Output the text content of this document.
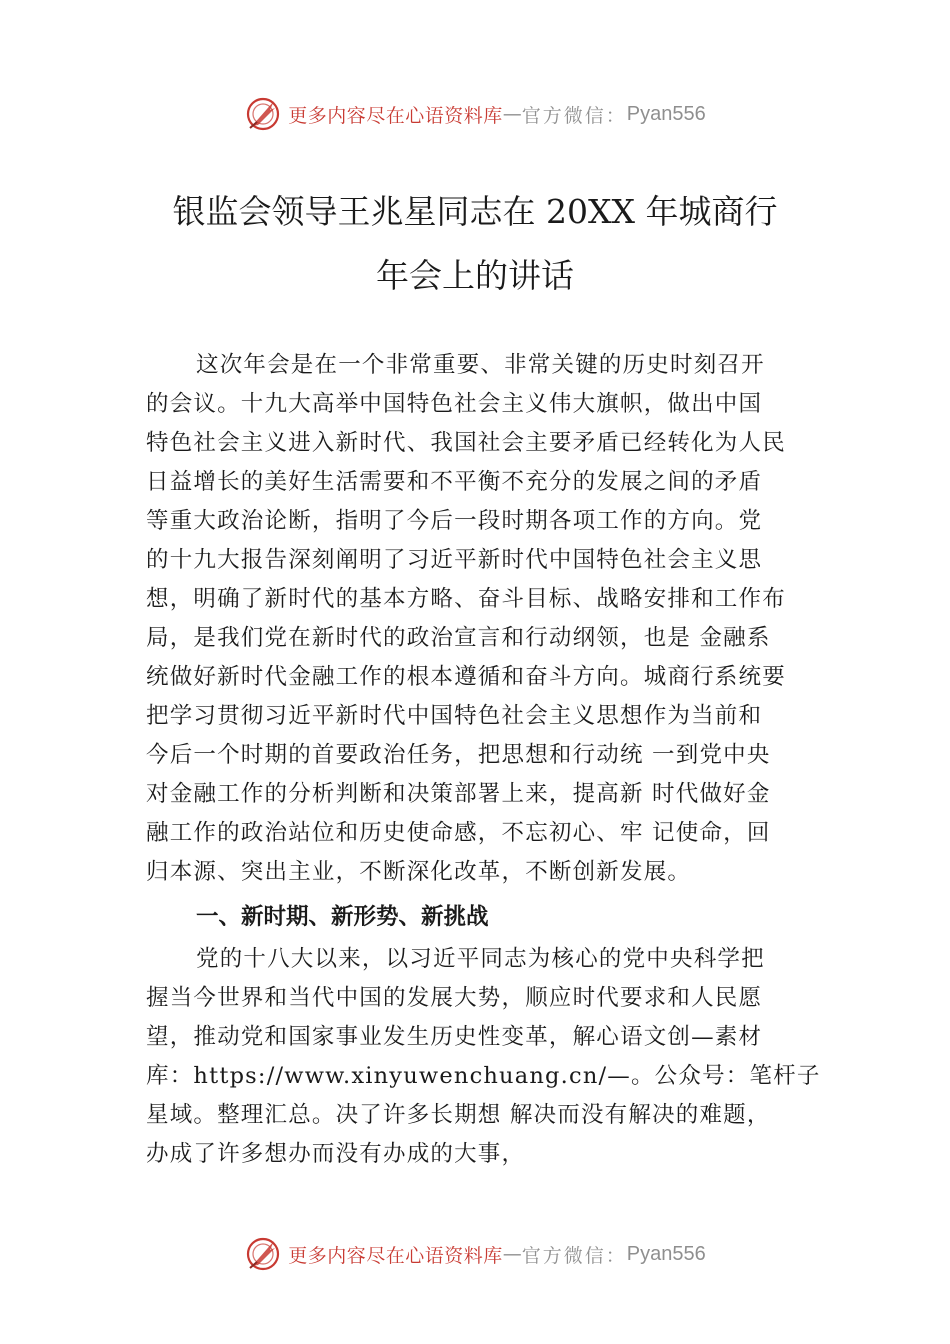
更多内容尽在心语资料库 — 官方微信： Pyan556
银监会领导王兆星同志在 20XX 年城商行
年会上的讲话
这次年会是在一个非常重要、非常关键的历史时刻召开
的会议。十九大高举中国特色社会主义伟大旗帜，做出中国
特色社会主义进入新时代、我国社会主要矛盾已经转化为人民
日益增长的美好生活需要和不平衡不充分的发展之间的矛盾
等重大政治论断，指明了今后一段时期各项工作的方向。党
的十九大报告深刻阐明了习近平新时代中国特色社会主义思
想，明确了新时代的基本方略、奋斗目标、战略安排和工作布
局，是我们党在新时代的政治宣言和行动纲领，也是 金融系
统做好新时代金融工作的根本遵循和奋斗方向。城商行系统要
把学习贯彻习近平新时代中国特色社会主义思想作为当前和
今后一个时期的首要政治任务，把思想和行动统 一到党中央
对金融工作的分析判断和决策部署上来，提高新 时代做好金
融工作的政治站位和历史使命感，不忘初心、牢 记使命，回
归本源、突出主业，不断深化改革，不断创新发展。
一、新时期、新形势、新挑战
党的十八大以来，以习近平同志为核心的党中央科学把
握当今世界和当代中国的发展大势，顺应时代要求和人民愿
望，推动党和国家事业发生历史性变革，解心语文创—素材
库：https://www.xinyuwenchuang.cn/—。公众号：笔杆子
星域。整理汇总。决了许多长期想 解决而没有解决的难题，
办成了许多想办而没有办成的大事，
更多内容尽在心语资料库 — 官方微信： Pyan556
